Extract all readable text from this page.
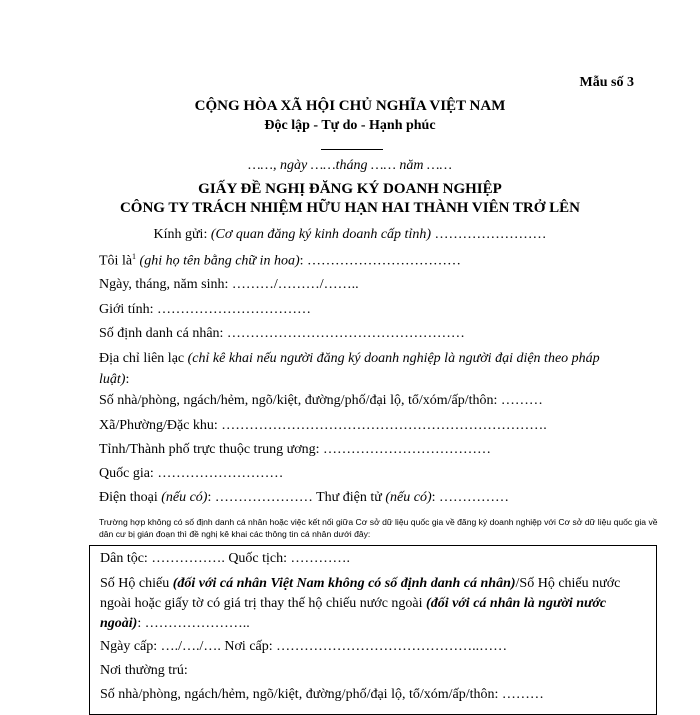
Mẫu số 3
CỘNG HÒA XÃ HỘI CHỦ NGHĨA VIỆT NAM
Độc lập - Tự do - Hạnh phúc
……, ngày ……tháng …… năm ……
GIẤY ĐỀ NGHỊ ĐĂNG KÝ DOANH NGHIỆP
CÔNG TY TRÁCH NHIỆM HỮU HẠN HAI THÀNH VIÊN TRỞ LÊN
Kính gửi: (Cơ quan đăng ký kinh doanh cấp tỉnh) ……………………
Tôi $là^1$ (ghi họ tên bằng chữ in hoa): ……………………………
Ngày, tháng, năm sinh: ………/………/……..
Giới tính: ……………………………
Số định danh cá nhân: ……………………………………………
Địa chỉ liên lạc (chỉ kê khai nếu người đăng ký doanh nghiệp là người đại diện theo pháp luật):
Số nhà/phòng, ngách/hẻm, ngõ/kiệt, đường/phố/đại lộ, tổ/xóm/ấp/thôn: ………
Xã/Phường/Đặc khu: …………………………………………………………….
Tỉnh/Thành phố trực thuộc trung ương: ………………………………
Quốc gia: ………………………
Điện thoại (nếu có): ………………… Thư điện tử (nếu có): ……………
Trường hợp không có số định danh cá nhân hoặc việc kết nối giữa Cơ sở dữ liệu quốc gia về đăng ký doanh nghiệp với Cơ sở dữ liệu quốc gia về dân cư bị gián đoạn thì đề nghị kê khai các thông tin cá nhân dưới đây:
Dân tộc: ……………. Quốc tịch: ………….
Số Hộ chiếu (đối với cá nhân Việt Nam không có số định danh cá nhân)/Số Hộ chiếu nước ngoài hoặc giấy tờ có giá trị thay thế hộ chiếu nước ngoài (đối với cá nhân là người nước ngoài): …………………..
Ngày cấp: …./…./…. Nơi cấp: ……………………………………..……
Nơi thường trú:
Số nhà/phòng, ngách/hẻm, ngõ/kiệt, đường/phố/đại lộ, tổ/xóm/ấp/thôn: ………
